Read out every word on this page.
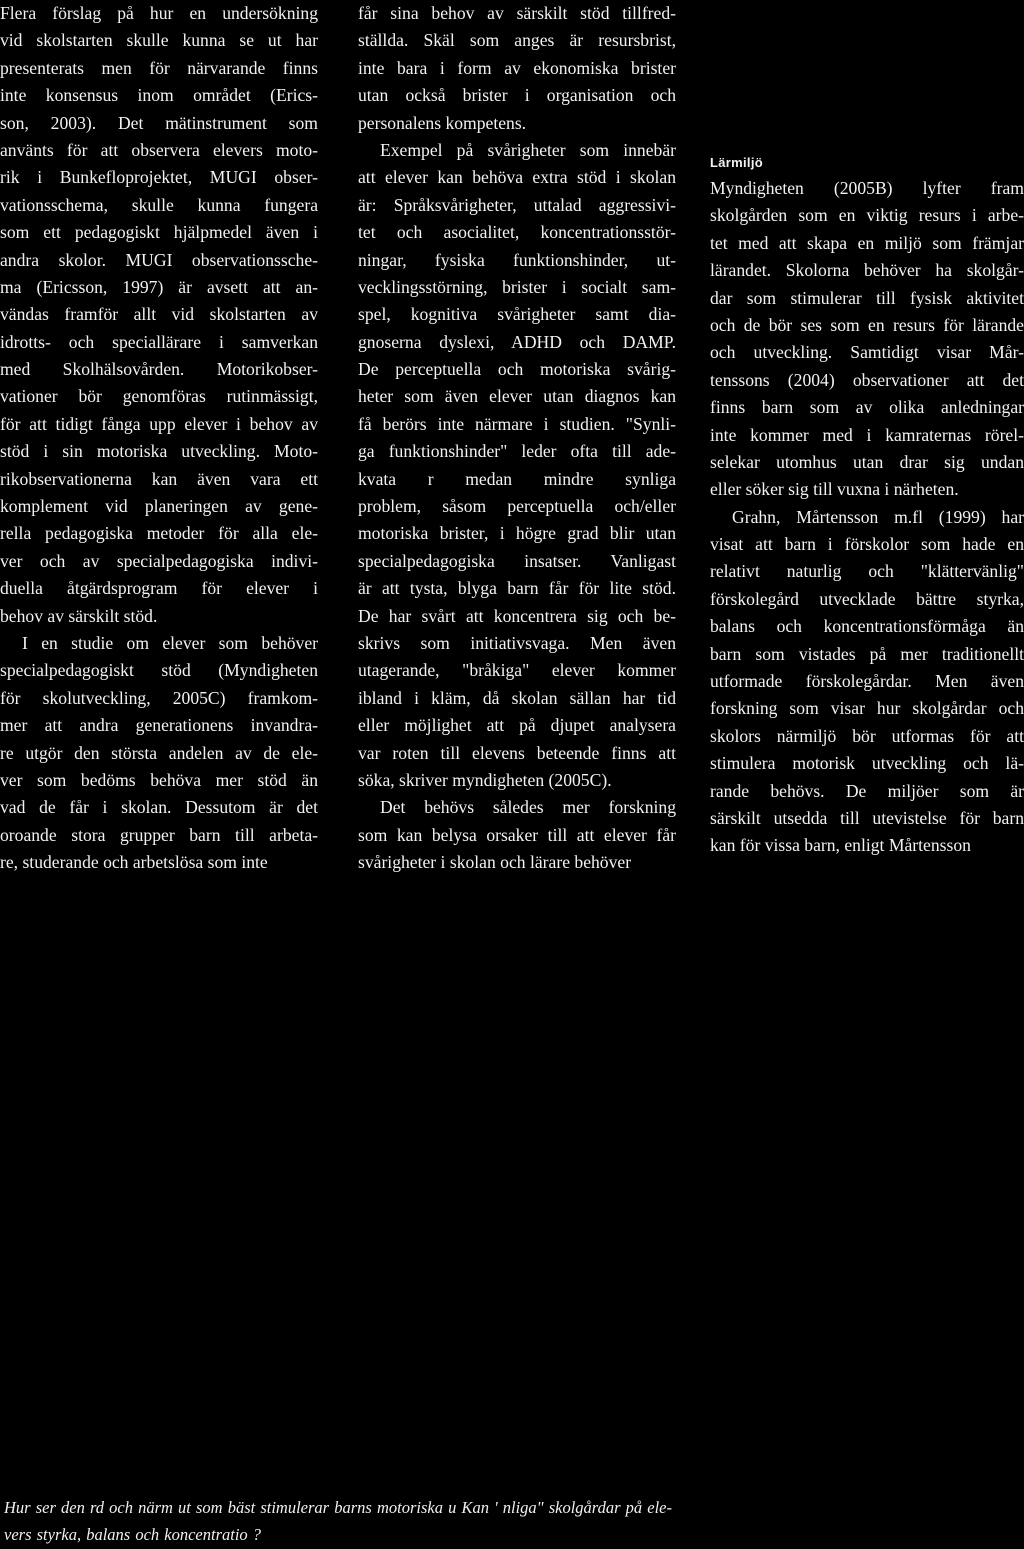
Flera förslag på hur en undersökning
vid skolstarten skulle kunna se ut har
presenterats men för närvarande finns
inte konsensus inom området (Erics-
son, 2003). Det mätinstrument som
använts för att observera elevers moto-
rik i Bunkefloprojektet, MUGI obser-
vationsschema, skulle kunna fungera
som ett pedagogiskt hjälpmedel även i
andra skolor. MUGI observationssche-
ma (Ericsson, 1997) är avsett att an-
vändas framför allt vid skolstarten av
idrotts- och speciallärare i samverkan
med Skolhälsovården. Motorikobser-
vationer bör genomföras rutinmässigt,
för att tidigt fånga upp elever i behov av
stöd i sin motoriska utveckling. Moto-
rikobservationerna kan även vara ett
komplement vid planeringen av gene-
rella pedagogiska metoder för alla ele-
ver och av specialpedagogiska indivi-
duella åtgärdsprogram för elever i
behov av särskilt stöd.
I en studie om elever som behöver
specialpedagogiskt stöd (Myndigheten
för skolutveckling, 2005C) framkom-
mer att andra generationens invandra-
re utgör den största andelen av de ele-
ver som bedöms behöva mer stöd än
vad de får i skolan. Dessutom är det
oroande stora grupper barn till arbeta-
re, studerande och arbetslösa som inte
får sina behov av särskilt stöd tillfred-
ställda. Skäl som anges är resursbrist,
inte bara i form av ekonomiska brister
utan också brister i organisation och
personalens kompetens.
Exempel på svårigheter som innebär
att elever kan behöva extra stöd i skolan
är: Språksvårigheter, uttalad aggressivi-
tet och asocialitet, koncentrationsstör-
ningar, fysiska funktionshinder, ut-
vecklingsstörning, brister i socialt sam-
spel, kognitiva svårigheter samt dia-
gnoserna dyslexi, ADHD och DAMP.
De perceptuella och motoriska svårig-
heter som även elever utan diagnos kan
få berörs inte närmare i studien. "Synli-
ga funktionshinder" leder ofta till ade-
kvata r medan mindre synliga
problem, såsom perceptuella och/eller
motoriska brister, i högre grad blir utan
specialpedagogiska insatser. Vanligast
är att tysta, blyga barn får för lite stöd.
De har svårt att koncentrera sig och be-
skrivs som initiativsvaga. Men även
utagerande, "bråkiga" elever kommer
ibland i kläm, då skolan sällan har tid
eller möjlighet att på djupet analysera
var roten till elevens beteende finns att
söka, skriver myndigheten (2005C).
Det behövs således mer forskning
som kan belysa orsaker till att elever får
svårigheter i skolan och lärare behöver
Lärmiljö
Myndigheten (2005B) lyfter fram
skolgården som en viktig resurs i arbe-
tet med att skapa en miljö som främjar
lärandet. Skolorna behöver ha skolgår-
dar som stimulerar till fysisk aktivitet
och de bör ses som en resurs för lärande
och utveckling. Samtidigt visar Mår-
tenssons (2004) observationer att det
finns barn som av olika anledningar
inte kommer med i kamraternas rörel-
selekar utomhus utan drar sig undan
eller söker sig till vuxna i närheten.
Grahn, Mårtensson m.fl (1999) har
visat att barn i förskolor som hade en
relativt naturlig och "klättervänlig"
förskolegård utvecklade bättre styrka,
balans och koncentrationsförmåga än
barn som vistades på mer traditionellt
utformade förskolegårdar. Men även
forskning som visar hur skolgårdar och
skolors närmiljö bör utformas för att
stimulera motorisk utveckling och lä-
rande behövs. De miljöer som är
särskilt utsedda till utevistelse för barn
kan för vissa barn, enligt Mårtensson
Hur ser den rd och närm ut som bäst stimulerar barns motoriska u Kan ' nliga" skolgårdar på ele-
vers styrka, balans och koncentratio ?
